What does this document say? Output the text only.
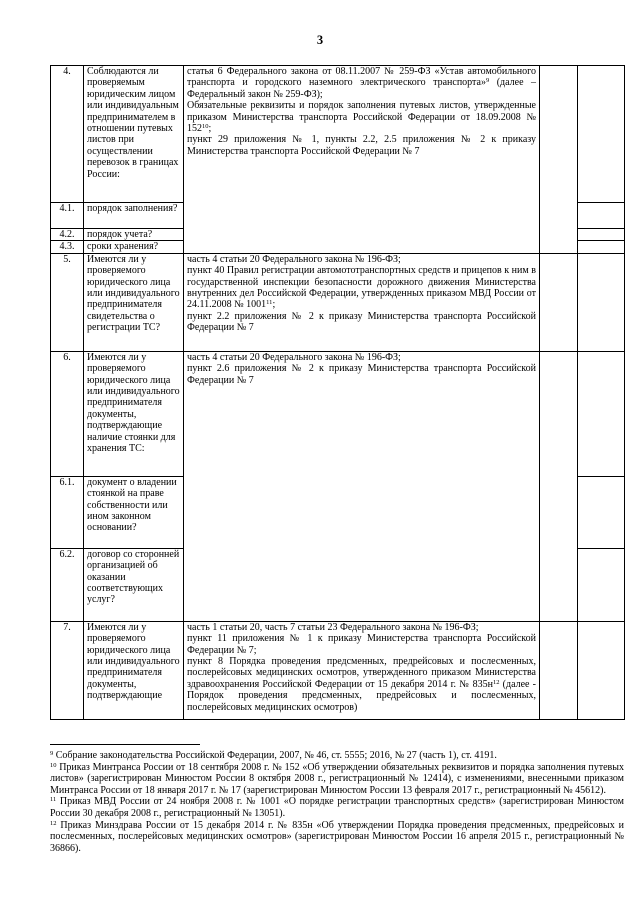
3
4.	Соблюдаются ли проверяемым юридическим лицом или индивидуальным предпринимателем в отношении путевых листов при осуществлении перевозок в границах России:	статья 6 Федерального закона от 08.11.2007 № 259-ФЗ «Устав автомобильного транспорта и городского наземного электрического транспорта»$^9$ (далее – Федеральный закон № 259-ФЗ);
Обязательные реквизиты и порядок заполнения путевых листов, утвержденные приказом Министерства транспорта Российской Федерации от 18.09.2008 № $152^{10}$;
пункт 29 приложения № 1, пункты 2.2, 2.5 приложения № 2 к приказу Министерства транспорта Российской Федерации № 7		

4.1.	порядок заполнения?			
4.2.	порядок учета?			
4.3.	сроки хранения?			
5.	Имеются ли у проверяемого юридического лица или индивидуального предпринимателя свидетельства о регистрации ТС?	часть 4 статьи 20 Федерального закона № 196-ФЗ;
пункт 40 Правил регистрации автомототранспортных средств и прицепов к ним в государственной инспекции безопасности дорожного движения Министерства внутренних дел Российской Федерации, утвержденных приказом МВД России от 24.11.2008 № 1001$^{11}$;
пункт 2.2 приложения № 2 к приказу Министерства транспорта Российской Федерации № 7		

6.	Имеются ли у проверяемого юридического лица или индивидуального предпринимателя документы, подтверждающие наличие стоянки для хранения ТС:	часть 4 статьи 20 Федерального закона № 196-ФЗ;
пункт 2.6 приложения № 2 к приказу Министерства транспорта Российской Федерации № 7		

6.1.	документ о владении стоянкой на праве собственности или ином законном основании?			
6.2.	договор со сторонней организацией об оказании соответствующих услуг?			
7.	Имеются ли у проверяемого юридического лица или индивидуального предпринимателя документы, подтверждающие	часть 1 статьи 20, часть 7 статьи 23 Федерального закона № 196-ФЗ;
пункт 11 приложения № 1 к приказу Министерства транспорта Российской Федерации № 7;
пункт 8 Порядка проведения предсменных, предрейсовых и послесменных, послерейсовых медицинских осмотров, утвержденного приказом Министерства здравоохранения Российской Федерации от 15 декабря 2014 г. № $835н^{12}$ (далее - Порядок проведения предсменных, предрейсовых и послесменных, послерейсовых медицинских осмотров)		

$^9$ Собрание законодательства Российской Федерации, 2007, № 46, ст. 5555; 2016, № 27 (часть 1), ст. 4191.

$^{10}$ Приказ Минтранса России от 18 сентября 2008 г. № 152 «Об утверждении обязательных реквизитов и порядка заполнения путевых листов» (зарегистрирован Минюстом России 8 октября 2008 г., регистрационный № 12414), с изменениями, внесенными приказом Минтранса России от 18 января 2017 г. № 17 (зарегистрирован Минюстом России 13 февраля 2017 г., регистрационный № 45612).

$^{11}$ Приказ МВД России от 24 ноября 2008 г. № 1001 «О порядке регистрации транспортных средств» (зарегистрирован Минюстом России 30 декабря 2008 г., регистрационный № 13051).

$^{12}$ Приказ Минздрава России от 15 декабря 2014 г. № 835н «Об утверждении Порядка проведения предсменных, предрейсовых и послесменных, послерейсовых медицинских осмотров» (зарегистрирован Минюстом России 16 апреля 2015 г., регистрационный № 36866).
